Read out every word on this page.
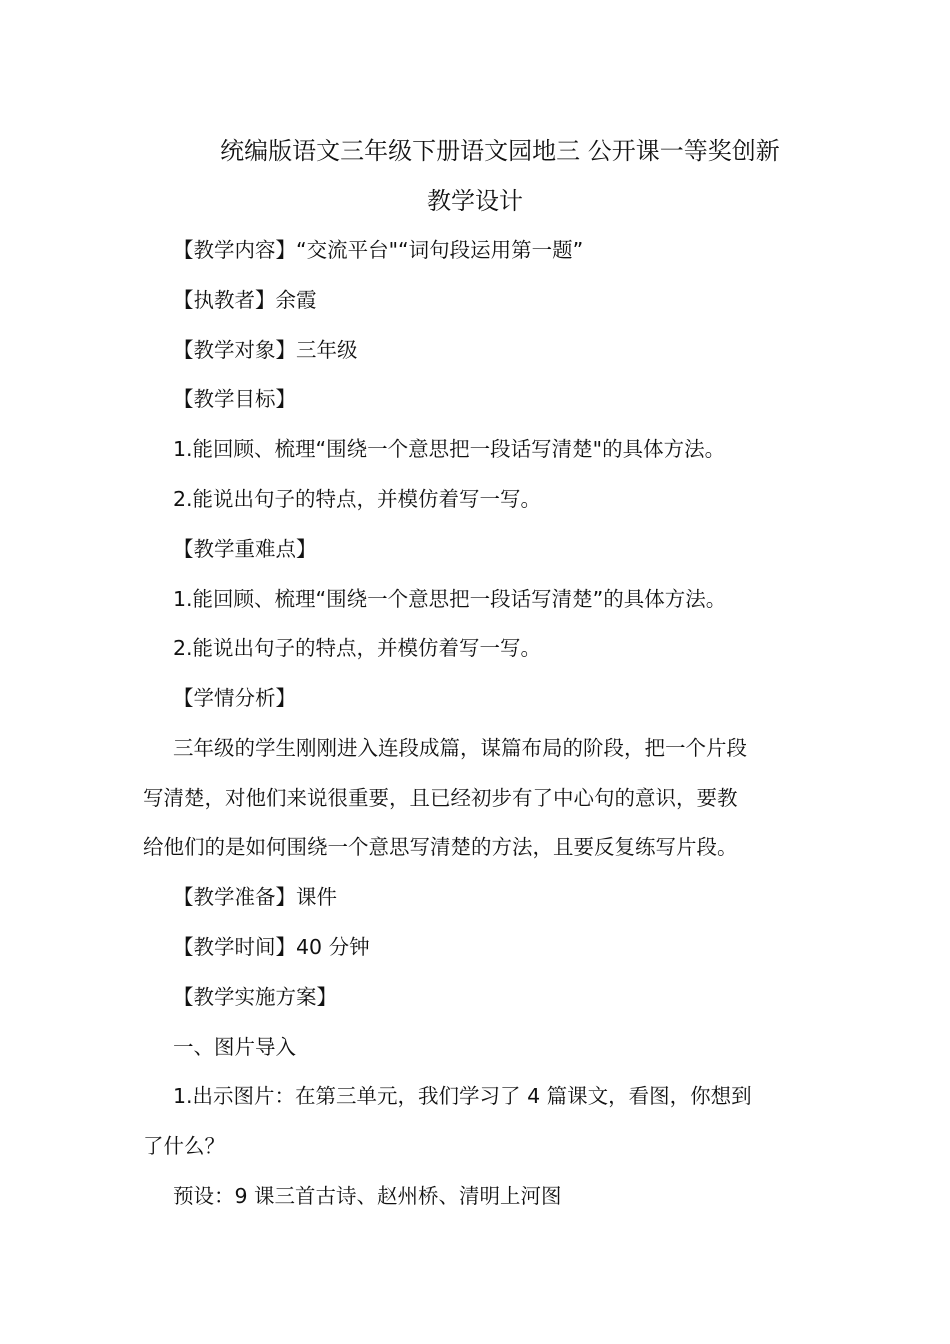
统编版语文三年级下册语文园地三 公开课一等奖创新
教学设计
【教学内容】“交流平台"“词句段运用第一题”
【执教者】余霞
【教学对象】三年级
【教学目标】
1.能回顾、梳理“围绕一个意思把一段话写清楚"的具体方法。
2.能说出句子的特点，并模仿着写一写。
【教学重难点】
1.能回顾、梳理“围绕一个意思把一段话写清楚”的具体方法。
2.能说出句子的特点，并模仿着写一写。
【学情分析】
三年级的学生刚刚进入连段成篇，谋篇布局的阶段，把一个片段
写清楚，对他们来说很重要，且已经初步有了中心句的意识，要教
给他们的是如何围绕一个意思写清楚的方法，且要反复练写片段。
【教学准备】课件
【教学时间】40 分钟
【教学实施方案】
一、图片导入
1.出示图片：在第三单元，我们学习了 4 篇课文，看图，你想到
了什么？
预设：9 课三首古诗、赵州桥、清明上河图
